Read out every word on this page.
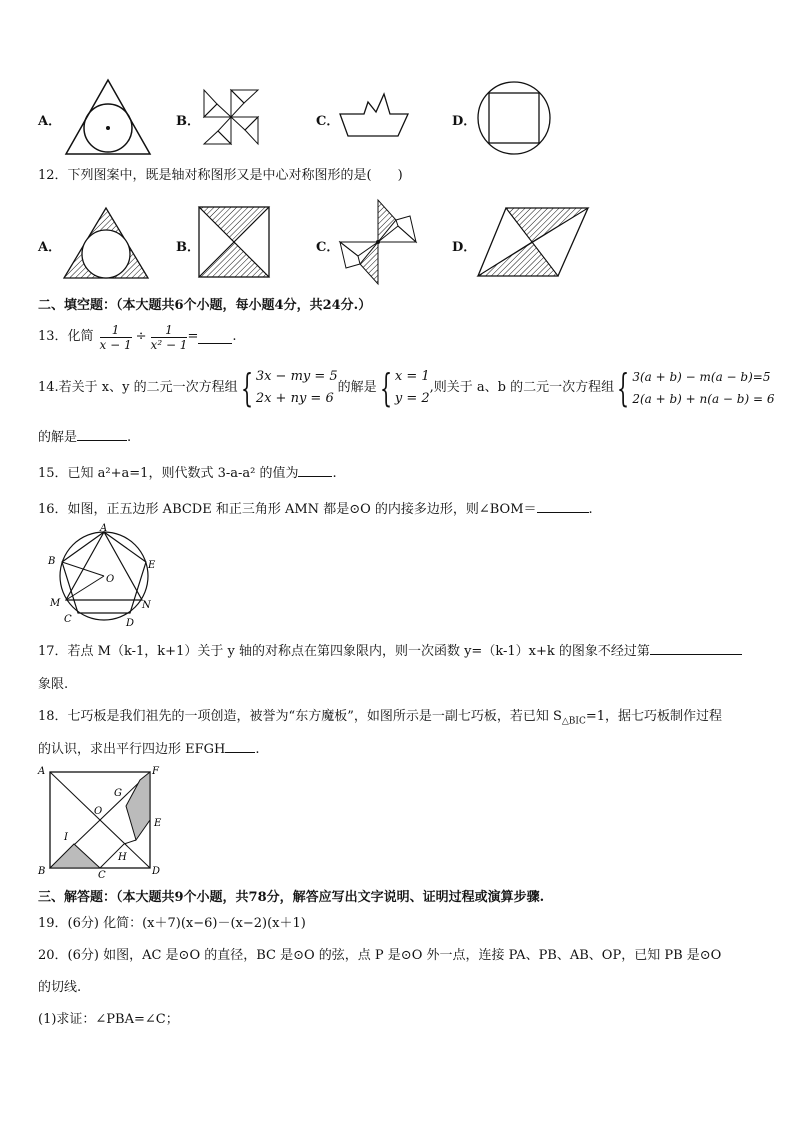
A．	B．	C．	D．
12．下列图案中，既是轴对称图形又是中心对称图形的是(　　)
A．	B．	C．	D．
二、填空题：（本大题共6个小题，每小题4分，共24分.）
13．化简 $\frac{1}{x - 1} \div \frac{1}{\text{x² − 1}}$ =	.
14.若关于 x、y 的二元一次方程组 { 3x − my = 5
2x + ny = 6
的解是 { x = 1
y = 2
,则关于 a、b 的二元一次方程组 { 3(a + b) − m(a − b)=5
2(a + b) + n(a − b) = 6
的解是	.
15．已知 a²+a=1，则代数式 3-a-a² 的值为	.
16．如图，正五边形 ABCDE 和正三角形 AMN 都是⊙O 的内接多边形，则∠BOM＝	.
A
B	E
M	N
C	D
O
17．若点 M（k-1，k+1）关于 y 轴的对称点在第四象限内，则一次函数 y=（k-1）x+k 的图象不经过第
象限.
18．七巧板是我们祖先的一项创造，被誉为“东方魔板”，如图所示是一副七巧板，若已知 $S_{\triangle BIC}=1$，据七巧板制作过程
的认识，求出平行四边形 EFGH .
A	F
G
O
E
I
H
B	C	D
三、解答题：（本大题共9个小题，共78分，解答应写出文字说明、证明过程或演算步骤.
19．(6分) 化简：(x＋7)(x−6)－(x−2)(x＋1)
20．(6分) 如图，AC 是⊙O 的直径，BC 是⊙O 的弦，点 P 是⊙O 外一点，连接 PA、PB、AB、OP，已知 PB 是⊙O
的切线.
(1)求证：∠PBA=∠C；
